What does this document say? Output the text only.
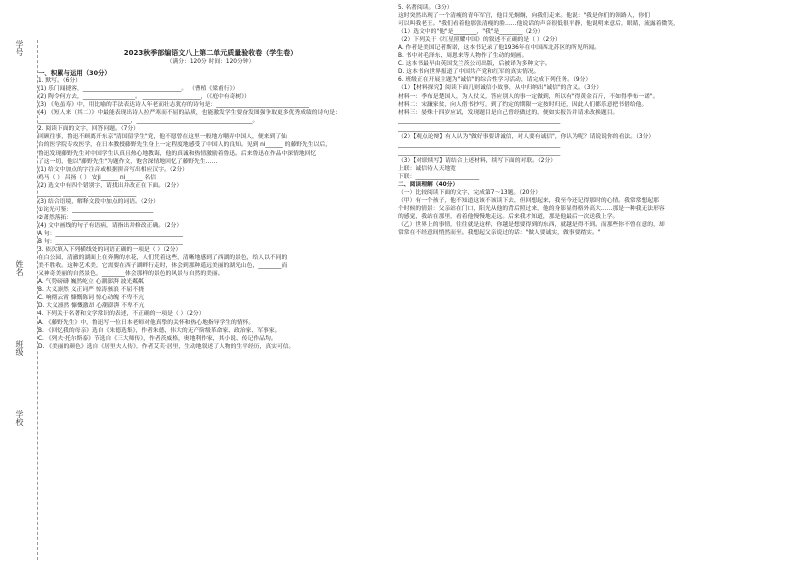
学号
姓名
班级
学校
2023秋季部编语文八上第二单元质量验收卷（学生卷）
（满分：120分 时间：120分钟）
一、积累与运用（30分）
1. 默写。（6分）
(1) 乐门闻捷客，__________________________________。 （曹植《梁甫行》）
(2) 陶令何方去，__________________。 ____________________，（《庭中有奇树》）
(3) 《龟虽寿》中，用比喻的手法表达诗人年老而壮志犹存的诗句是：________________________________
(4) 《短人来（其二）》中最能表现出诗人拉严寒而不屈的品质，也能激发学生要奋发图强争取更多优秀成绩的诗句是：
________________________________，________________________________________。
2. 阅读下面的文字，回答问题。（7分）
回顾往事，鲁迅不顾离开东京"清国留学生"党，他不愿曾在这里一般地方嘲弄中国人，便来到了仙
台的医学院专攻医学，在日本教授藤野先生身上一定程度地感受了中国人的良知。见到 ni______ 的藤野先生以后，
鲁迅发现藤野先生对中国学生认真且热心地教诲，他的真诚和热情激励着鲁迅。后来鲁迅在作品中深情地回忆
了这一切，他以"藤野先生"为题作文，饱含深情地回忆了藤野先生……
(1) 给文中加点的字注音或根据拼音写出相应汉字。（2分）
鸡马（ ） 昌扬（ ） 安ji______ ni______ 名信
(2) 选文中有四个错别字，请找出并改正在下面。（2分）
________ ________ ________ ________
(3) 结合语境，解释文段中加点的词语。（2分）
①诧光可鉴：____________________________
②萧然落拓：____________________________
(4) 文中画线的句子有语病，请指出并修改正确。（2分）
A 句：____________________________________________
B 句：____________________________________________
3. 依次填入下列横线处的词语正确的一项是（ ）（2分）
在白公园，清澈的湖面上在奔腾的水花，人们凭着这些，清晰地感到了西湖的景色，给人以不同的
美不胜收。这种艺术美，它需要在西子湖畔行走时，体会到那种遥远美丽的湖光山色，________而
又神奇美丽的自然景色，________体会那样的景色的风景与自然的美丽。
A. 气势磅礴 巍然屹立 心潮澎湃 波光粼粼
B. 大义凛然 义正词严 惊涛骇浪 不屈不挠
C. 响彻云霄 慷慨陈词 惊心动魄 不卑不亢
D. 大义凛然 慷慨激昂 心潮澎湃 不卑不亢
4. 下列关于名著和文学常识的表述，不正确的一项是（ ）（2分）
A. 《藤野先生》中，鲁迅写一位日本老师对他真挚的关怀和热心地指导学生的情怀。
B. 《回忆我的母亲》选自《朱德选集》，作者朱德，伟大的无产阶级革命家、政治家、军事家。
C. 《列夫·托尔斯泰》节选自《三大师传》，作者茨威格，奥地利作家，其小说、传记作品均。
D. 《美丽的颜色》选自《居里夫人传》，作者艾芙·居里，生动地叙述了人物的生平经历，真实可信。
5. 名著阅读。（3分）
这时突然出现了一个清瘦的青年军官，他目光炯炯，向我们走来。他说："我是你们的领路人，你们
可以叫我老王。"我们看着他那张清瘦的脸……他说话的声音很低很平静，他说明来意后，眼睛，流露着微笑，
（1）选文中的"他"是________，"我"是________（2分）
（2）下列关于《红星照耀中国》的叙述不正确的是（ ）（2分）
A. 作者是美国记者斯诺，这本书记录了他1936年在中国西北苏区的所见所闻。
B. 书中对毛泽东、周恩来等人物作了生动的刻画。
C. 这本书最早由英国戈兰茨公司出版，后被译为多种文字。
D. 这本书向世界报道了中国共产党和红军的真实情况。
6. 班级正在开展主题为"诚信"的综合性学习活动，请完成下列任务。（9分）
（1）【材料探究】阅读下面几则诚信小故事，从中归纳出"诚信"的含义。（3分）
材料一：季布是楚国人，为人仗义，答应别人的事一定做到，所以有"得黄金百斤，不如得季布一诺"。
材料二：宋濂家贫，向人借书抄写，到了约定的期限一定按时归还，因此人们都乐意把书借给他。
材料三：晏殊十四岁应试，发现题目是自己曾经做过的，便如实报告并请求改换题目。
________________________________________________________
________________________________________________________
（2）【观点论辩】有人认为"做好事要讲诚信，对人要有诚信"，你认为呢？请说说你的看法。（3分）
________________________________________________________
________________________________________________________
（3）【对联续写】请结合上述材料，续写下面的对联。（2分）
上联：诚信待人天地宽
下联：______________________
二、阅读理解（40分）
（一）比较阅读下面的文字，完成第7～13题。（20分）
（甲）有一个孩子，他不知道这该不该读下去，但回想起来，我至今还记得那时的心情。我常常想起那
个时候的情景：父亲站在门口，阳光从他的背后照过来，他的身影显得格外高大……那是一种我无法形容
的感觉，我站在那里，看着他慢慢地走远。后来我才知道，那是他最后一次送我上学。
（乙）世界上的事情，往往就是这样，你越是想要得到的东西，就越是得不到。而那些你不曾在意的，却
常常在不经意间悄然而至。我想起父亲说过的话："做人要诚实，做事要踏实。"
